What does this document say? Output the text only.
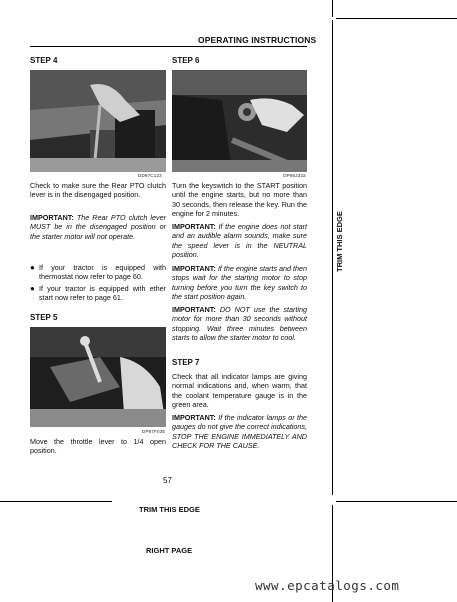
OPERATING INSTRUCTIONS
STEP 4
DD97C123
Check to make sure the Rear PTO clutch lever is in the disengaged position.
IMPORTANT: The Rear PTO clutch lever MUST be in the disengaged position or the starter motor will not operate.
● If your tractor is equipped with thermostat now refer to page 60.
● If your tractor is equipped with ether start now refer to page 61.
STEP 5
DP97F035
Move the throttle lever to 1/4 open position.
STEP 6
OP96J332
Turn the keyswitch to the START position until the engine starts, but no more than 30 seconds, then release the key. Run the engine for 2 minutes.
IMPORTANT: If the engine does not start and an audible alarm sounds, make sure the speed lever is in the NEUTRAL position.
IMPORTANT: If the engine starts and then stops wait for the starting motor to stop turning before you turn the key switch to the start position again.
IMPORTANT: DO NOT use the starting motor for more than 30 seconds without stopping. Wait three minutes between starts to allow the starter motor to cool.
STEP 7
Check that all indicator lamps are giving normal indications and, when warm, that the coolant temperature gauge is in the green area.
IMPORTANT: If the indicator lamps or the gauges do not give the correct indications, STOP THE ENGINE IMMEDIATELY AND CHECK FOR THE CAUSE.
TRIM THIS EDGE
57
TRIM THIS EDGE
RIGHT PAGE
www.epcatalogs.com
